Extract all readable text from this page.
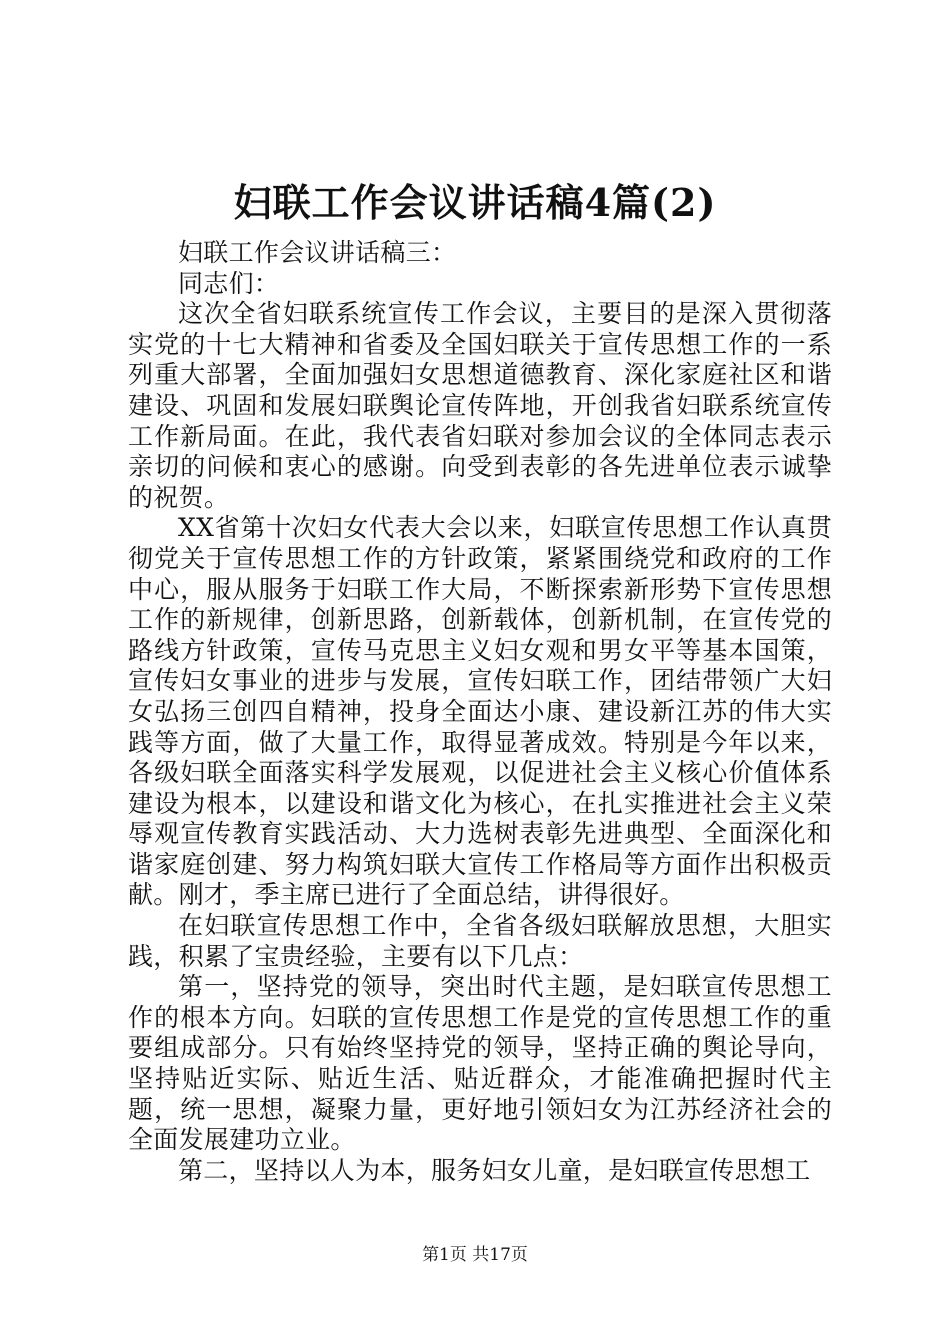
妇联工作会议讲话稿4篇(2)

妇联工作会议讲话稿三：

同志们：

这次全省妇联系统宣传工作会议，主要目的是深入贯彻落实党的十七大精神和省委及全国妇联关于宣传思想工作的一系列重大部署，全面加强妇女思想道德教育、深化家庭社区和谐建设、巩固和发展妇联舆论宣传阵地，开创我省妇联系统宣传工作新局面。在此，我代表省妇联对参加会议的全体同志表示亲切的问候和衷心的感谢。向受到表彰的各先进单位表示诚挚的祝贺。

XX省第十次妇女代表大会以来，妇联宣传思想工作认真贯彻党关于宣传思想工作的方针政策，紧紧围绕党和政府的工作中心，服从服务于妇联工作大局，不断探索新形势下宣传思想工作的新规律，创新思路，创新载体，创新机制，在宣传党的路线方针政策，宣传马克思主义妇女观和男女平等基本国策，宣传妇女事业的进步与发展，宣传妇联工作，团结带领广大妇女弘扬三创四自精神，投身全面达小康、建设新江苏的伟大实践等方面，做了大量工作，取得显著成效。特别是今年以来，各级妇联全面落实科学发展观，以促进社会主义核心价值体系建设为根本，以建设和谐文化为核心，在扎实推进社会主义荣辱观宣传教育实践活动、大力选树表彰先进典型、全面深化和谐家庭创建、努力构筑妇联大宣传工作格局等方面作出积极贡献。刚才，季主席已进行了全面总结，讲得很好。

在妇联宣传思想工作中，全省各级妇联解放思想，大胆实践，积累了宝贵经验，主要有以下几点：

第一，坚持党的领导，突出时代主题，是妇联宣传思想工作的根本方向。妇联的宣传思想工作是党的宣传思想工作的重要组成部分。只有始终坚持党的领导，坚持正确的舆论导向，坚持贴近实际、贴近生活、贴近群众，才能准确把握时代主题，统一思想，凝聚力量，更好地引领妇女为江苏经济社会的全面发展建功立业。

第二，坚持以人为本，服务妇女儿童，是妇联宣传思想工

第1页 共17页
